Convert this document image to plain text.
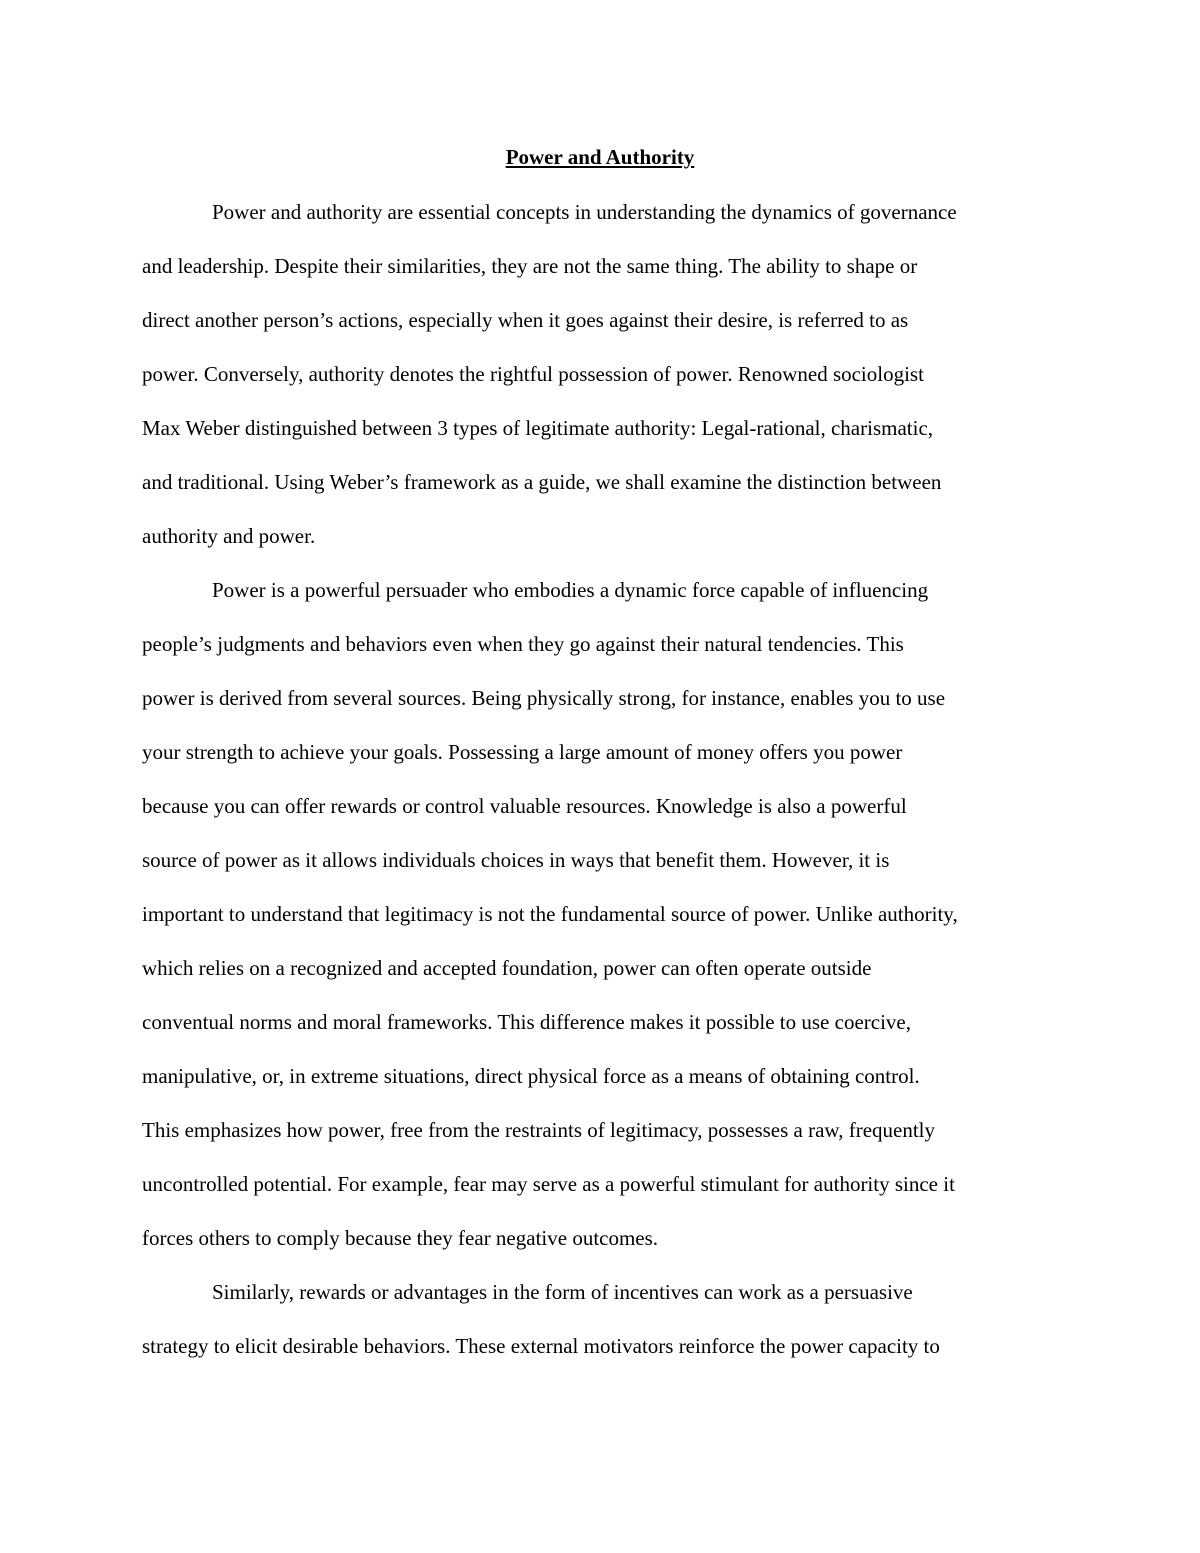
Power and Authority

Power and authority are essential concepts in understanding the dynamics of governance

and leadership. Despite their similarities, they are not the same thing. The ability to shape or

direct another person’s actions, especially when it goes against their desire, is referred to as

power. Conversely, authority denotes the rightful possession of power. Renowned sociologist

Max Weber distinguished between 3 types of legitimate authority: Legal-rational, charismatic,

and traditional. Using Weber’s framework as a guide, we shall examine the distinction between

authority and power.

Power is a powerful persuader who embodies a dynamic force capable of influencing

people’s judgments and behaviors even when they go against their natural tendencies. This

power is derived from several sources. Being physically strong, for instance, enables you to use

your strength to achieve your goals. Possessing a large amount of money offers you power

because you can offer rewards or control valuable resources. Knowledge is also a powerful

source of power as it allows individuals choices in ways that benefit them. However, it is

important to understand that legitimacy is not the fundamental source of power. Unlike authority,

which relies on a recognized and accepted foundation, power can often operate outside

conventual norms and moral frameworks. This difference makes it possible to use coercive,

manipulative, or, in extreme situations, direct physical force as a means of obtaining control.

This emphasizes how power, free from the restraints of legitimacy, possesses a raw, frequently

uncontrolled potential. For example, fear may serve as a powerful stimulant for authority since it

forces others to comply because they fear negative outcomes.

Similarly, rewards or advantages in the form of incentives can work as a persuasive

strategy to elicit desirable behaviors. These external motivators reinforce the power capacity to
